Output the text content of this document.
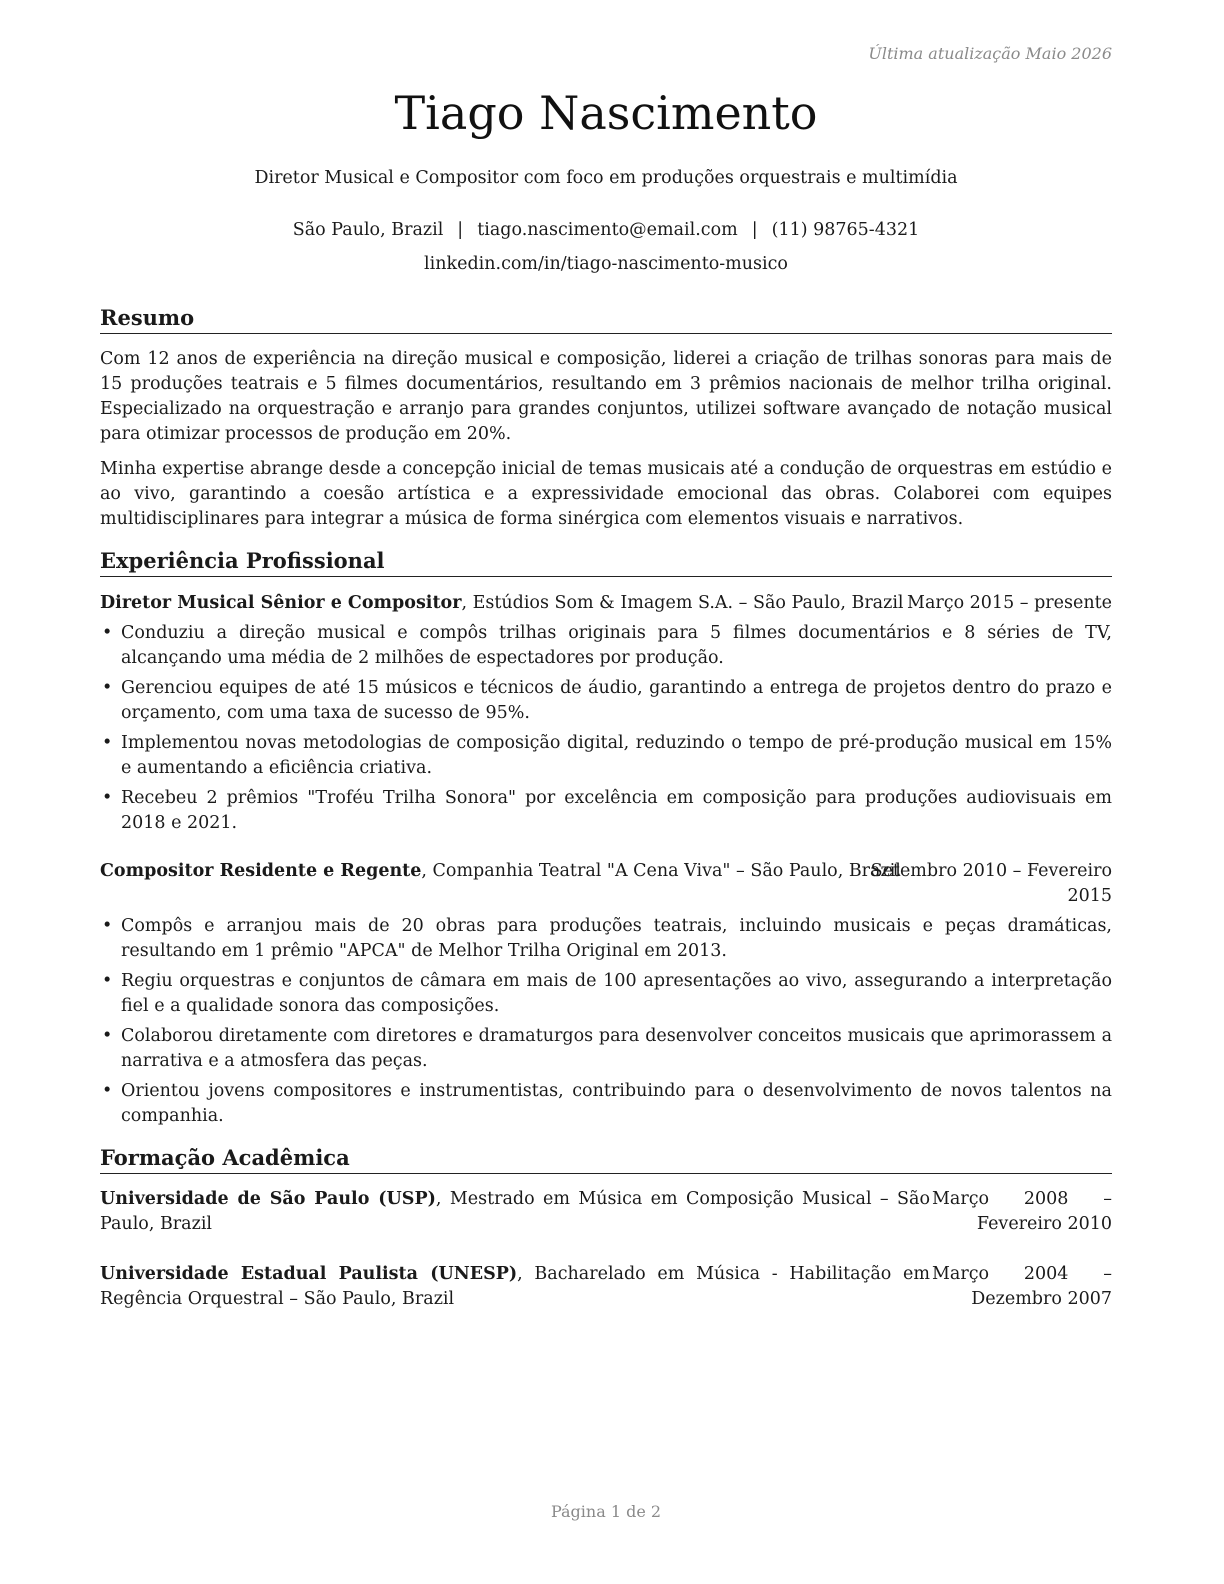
Última atualização Maio 2026
Tiago Nascimento
Diretor Musical e Compositor com foco em produções orquestrais e multimídia
São Paulo, Brazil | tiago.nascimento@email.com | (11) 98765-4321
linkedin.com/in/tiago-nascimento-musico
Resumo
Com 12 anos de experiência na direção musical e composição, liderei a criação de trilhas sonoras para mais de 15 produções teatrais e 5 filmes documentários, resultando em 3 prêmios nacionais de melhor trilha original. Especializado na orquestração e arranjo para grandes conjuntos, utilizei software avançado de notação musical para otimizar processos de produção em 20%.
Minha expertise abrange desde a concepção inicial de temas musicais até a condução de orquestras em estúdio e ao vivo, garantindo a coesão artística e a expressividade emocional das obras. Colaborei com equipes multidisciplinares para integrar a música de forma sinérgica com elementos visuais e narrativos.
Experiência Profissional
Diretor Musical Sênior e Compositor, Estúdios Som & Imagem S.A. – São Paulo, Brazil Março 2015 – presente
• Conduziu a direção musical e compôs trilhas originais para 5 filmes documentários e 8 séries de TV, alcançando uma média de 2 milhões de espectadores por produção.
• Gerenciou equipes de até 15 músicos e técnicos de áudio, garantindo a entrega de projetos dentro do prazo e orçamento, com uma taxa de sucesso de 95%.
• Implementou novas metodologias de composição digital, reduzindo o tempo de pré-produção musical em 15% e aumentando a eficiência criativa.
• Recebeu 2 prêmios "Troféu Trilha Sonora" por excelência em composição para produções audiovisuais em 2018 e 2021.
Compositor Residente e Regente, Companhia Teatral "A Cena Viva" – São Paulo, Brazil
Setembro 2010 – Fevereiro 2015
• Compôs e arranjou mais de 20 obras para produções teatrais, incluindo musicais e peças dramáticas, resultando em 1 prêmio "APCA" de Melhor Trilha Original em 2013.
• Regiu orquestras e conjuntos de câmara em mais de 100 apresentações ao vivo, assegurando a interpretação fiel e a qualidade sonora das composições.
• Colaborou diretamente com diretores e dramaturgos para desenvolver conceitos musicais que aprimorassem a narrativa e a atmosfera das peças.
• Orientou jovens compositores e instrumentistas, contribuindo para o desenvolvimento de novos talentos na companhia.
Formação Acadêmica
Universidade de São Paulo (USP), Mestrado em Música em Composição Musical – São Paulo, Brazil
Março 2008 – Fevereiro 2010
Universidade Estadual Paulista (UNESP), Bacharelado em Música - Habilitação em Regência Orquestral – São Paulo, Brazil
Março 2004 – Dezembro 2007
Página 1 de 2
